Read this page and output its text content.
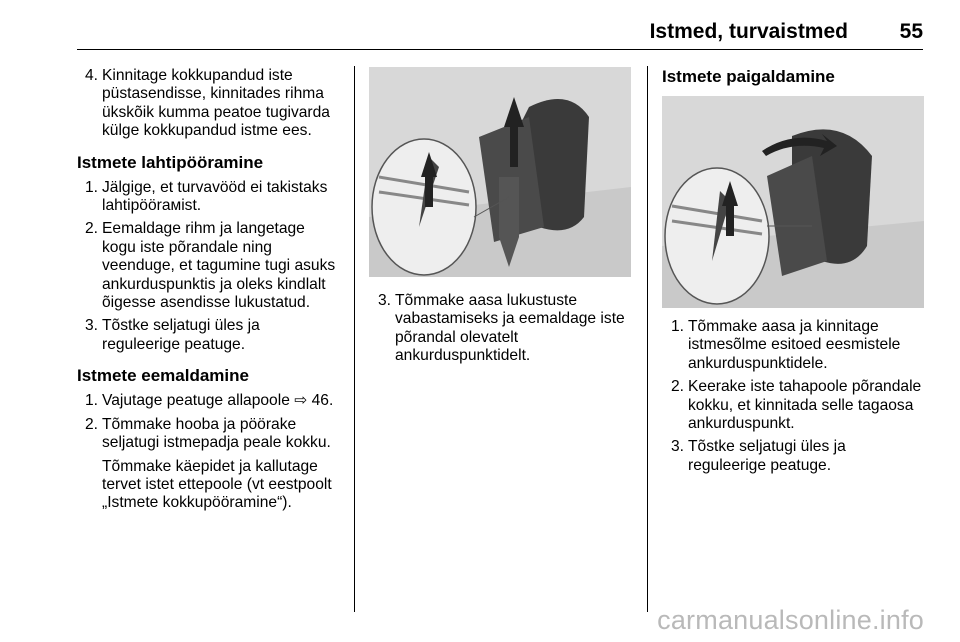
Istmed, turvaistmed 55
4. Kinnitage kokkupandud iste
püstasendisse, kinnitades rihma
ükskõik kumma peatoe tugivarda
külge kokkupandud istme ees.
Istmete lahtipööramine
1. Jälgige, et turvavööd ei takistaks
lahtipöörамist.
2. Eemaldage rihm ja langetage
kogu iste põrandale ning
veenduge, et tagumine tugi asuks
ankurduspunktis ja oleks kindlalt
õigesse asendisse lukustatud.
3. Tõstke seljatugi üles ja
reguleerige peatuge.
Istmete eemaldamine
1. Vajutage peatuge allapoole ⇨ 46.
2. Tõmmake hooba ja pöörake
seljatugi istmepadja peale kokku.
Tõmmake käepidet ja kallutage
tervet istet ettepoole (vt eestpoolt
„Istmete kokkupööramine“).
3. Tõmmake aasa lukustuste
vabastamiseks ja eemaldage iste
põrandal olevatelt
ankurduspunktidelt.
Istmete paigaldamine
1. Tõmmake aasa ja kinnitage
istmesõlme esitoed eesmistele
ankurduspunktidele.
2. Keerake iste tahapoole põrandale
kokku, et kinnitada selle tagaosa
ankurduspunkt.
3. Tõstke seljatugi üles ja
reguleerige peatuge.
carmanualsonline.info
